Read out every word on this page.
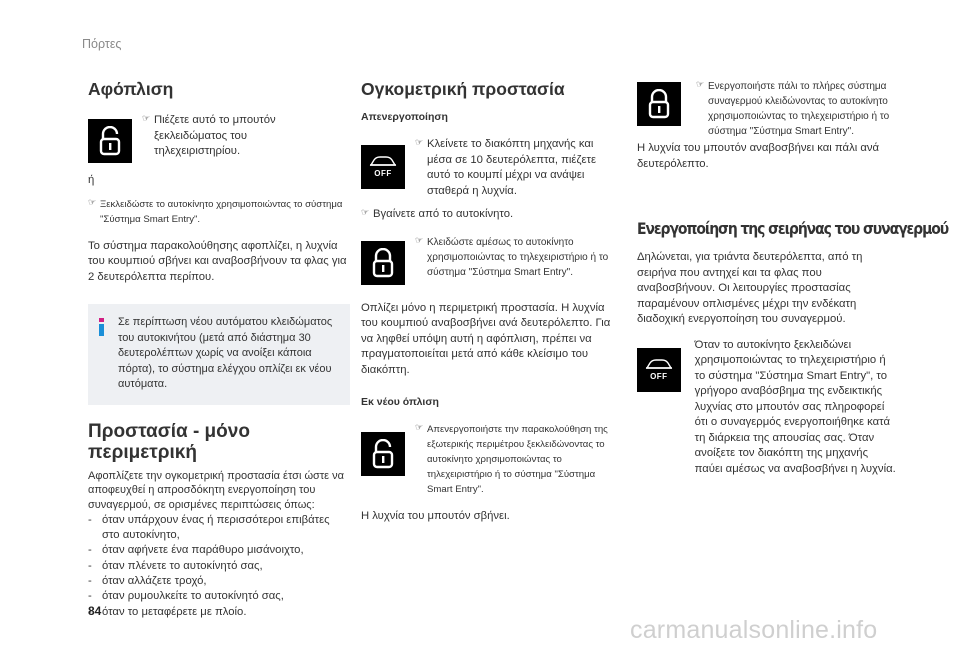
Πόρτες
Αφόπλιση
☞ Πιέζετε αυτό το μπουτόν ξεκλειδώματος του τηλεχειριστηρίου.

ή

☞ Ξεκλειδώστε το αυτοκίνητο χρησιμοποιώντας το σύστημα "Σύστημα Smart Entry".

Το σύστημα παρακολούθησης αφοπλίζει, η λυχνία του κουμπιού σβήνει και αναβοσβήνουν τα φλας για 2 δευτερόλεπτα περίπου.

Σε περίπτωση νέου αυτόματου κλειδώματος του αυτοκινήτου (μετά από διάστημα 30 δευτερολέπτων χωρίς να ανοίξει κάποια πόρτα), το σύστημα ελέγχου οπλίζει εκ νέου αυτόματα.

Προστασία - μόνο περιμετρική

Αφοπλίζετε την ογκομετρική προστασία έτσι ώστε να αποφευχθεί η απροσδόκητη ενεργοποίηση του συναγερμού, σε ορισμένες περιπτώσεις όπως:

- όταν υπάρχουν ένας ή περισσότεροι επιβάτες στο αυτοκίνητο,
- όταν αφήνετε ένα παράθυρο μισάνοιχτο,
- όταν πλένετε το αυτοκίνητό σας,
- όταν αλλάζετε τροχό,
- όταν ρυμουλκείτε το αυτοκίνητό σας,
- όταν το μεταφέρετε με πλοίο.
Ογκομετρική προστασία
Απενεργοποίηση
OFF
☞ Κλείνετε το διακόπτη μηχανής και μέσα σε 10 δευτερόλεπτα, πιέζετε αυτό το κουμπί μέχρι να ανάψει σταθερά η λυχνία.

☞ Βγαίνετε από το αυτοκίνητο.

☞ Κλειδώστε αμέσως το αυτοκίνητο χρησιμοποιώντας το τηλεχειριστήριο ή το σύστημα "Σύστημα Smart Entry".

Οπλίζει μόνο η περιμετρική προστασία. Η λυχνία του κουμπιού αναβοσβήνει ανά δευτερόλεπτο. Για να ληφθεί υπόψη αυτή η αφόπλιση, πρέπει να πραγματοποιείται μετά από κάθε κλείσιμο του διακόπτη.

Εκ νέου όπλιση
☞ Απενεργοποιήστε την παρακολούθηση της εξωτερικής περιμέτρου ξεκλειδώνοντας το αυτοκίνητο χρησιμοποιώντας το τηλεχειριστήριο ή το σύστημα "Σύστημα Smart Entry".

Η λυχνία του μπουτόν σβήνει.

☞ Ενεργοποιήστε πάλι το πλήρες σύστημα συναγερμού κλειδώνοντας το αυτοκίνητο χρησιμοποιώντας το τηλεχειριστήριο ή το σύστημα "Σύστημα Smart Entry".

Η λυχνία του μπουτόν αναβοσβήνει και πάλι ανά δευτερόλεπτο.

Ενεργοποίηση της σειρήνας του συναγερμού

Δηλώνεται, για τριάντα δευτερόλεπτα, από τη σειρήνα που αντηχεί και τα φλας που αναβοσβήνουν. Οι λειτουργίες προστασίας παραμένουν οπλισμένες μέχρι την ενδέκατη διαδοχική ενεργοποίηση του συναγερμού.

OFF

Όταν το αυτοκίνητο ξεκλειδώνει χρησιμοποιώντας το τηλεχειριστήριο ή το σύστημα "Σύστημα Smart Entry", το γρήγορο αναβόσβημα της ενδεικτικής λυχνίας στο μπουτόν σας πληροφορεί ότι ο συναγερμός ενεργοποιήθηκε κατά τη διάρκεια της απουσίας σας. Όταν ανοίξετε τον διακόπτη της μηχανής παύει αμέσως να αναβοσβήνει η λυχνία.

84
carmanualsonline.info
